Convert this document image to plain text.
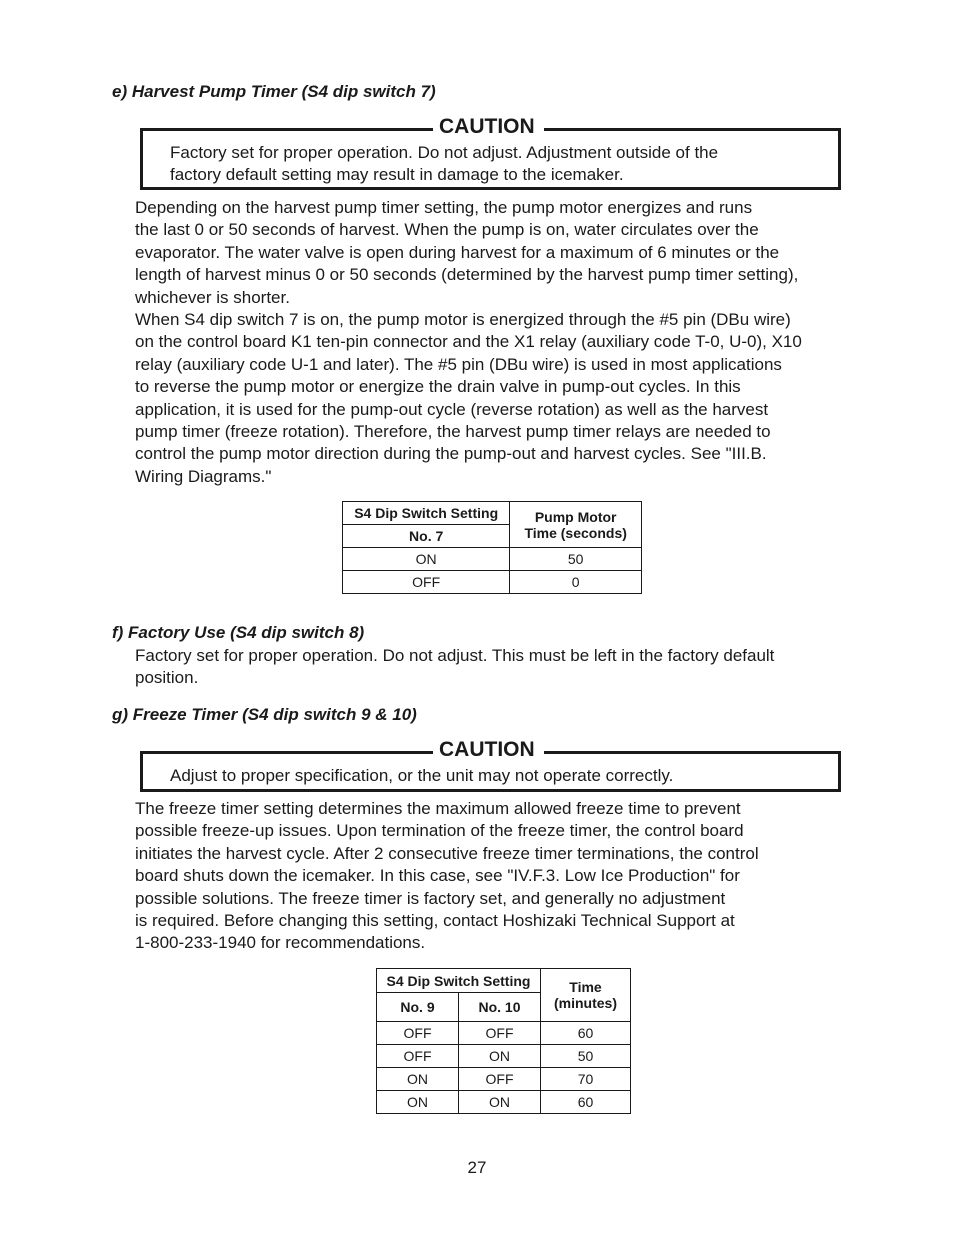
e) Harvest Pump Timer (S4 dip switch 7)
CAUTION
Factory set for proper operation. Do not adjust. Adjustment outside of the
factory default setting may result in damage to the icemaker.
Depending on the harvest pump timer setting, the pump motor energizes and runs
the last 0 or 50 seconds of harvest. When the pump is on, water circulates over the
evaporator. The water valve is open during harvest for a maximum of 6 minutes or the
length of harvest minus 0 or 50 seconds (determined by the harvest pump timer setting),
whichever is shorter.
When S4 dip switch 7 is on, the pump motor is energized through the #5 pin (DBu wire)
on the control board K1 ten-pin connector and the X1 relay (auxiliary code T-0, U-0), X10
relay (auxiliary code U-1 and later). The #5 pin (DBu wire) is used in most applications
to reverse the pump motor or energize the drain valve in pump-out cycles. In this
application, it is used for the pump-out cycle (reverse rotation) as well as the harvest
pump timer (freeze rotation). Therefore, the harvest pump timer relays are needed to
control the pump motor direction during the pump-out and harvest cycles. See "III.B.
Wiring Diagrams."
S4 Dip Switch Setting	Pump Motor
Time (seconds)

No. 7	
ON	50
OFF	0
f) Factory Use (S4 dip switch 8)
Factory set for proper operation. Do not adjust. This must be left in the factory default
position.
g) Freeze Timer (S4 dip switch 9 & 10)
CAUTION
Adjust to proper specification, or the unit may not operate correctly.
The freeze timer setting determines the maximum allowed freeze time to prevent
possible freeze-up issues. Upon termination of the freeze timer, the control board
initiates the harvest cycle. After 2 consecutive freeze timer terminations, the control
board shuts down the icemaker. In this case, see "IV.F.3. Low Ice Production" for
possible solutions. The freeze timer is factory set, and generally no adjustment
is required. Before changing this setting, contact Hoshizaki Technical Support at
1-800-233-1940 for recommendations.
S4 Dip Switch Setting		Time
(minutes)

No. 9	No. 10	
OFF	OFF	60
OFF	ON	50
ON	OFF	70
ON	ON	60
27
